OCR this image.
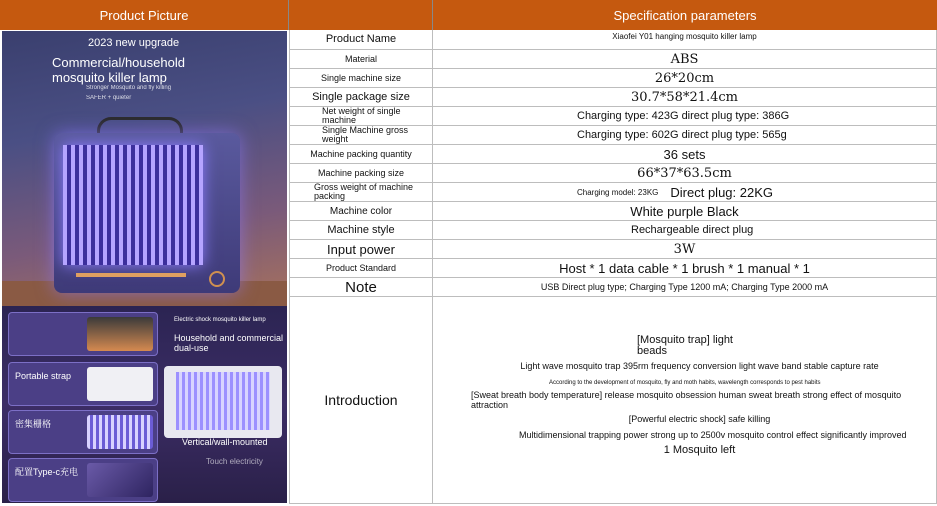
Product Picture	Specification parameters
2023 new upgrade
Commercial/household mosquito killer lamp
Stronger Mosquito and fly killing
SAFER + quieter
Electric shock mosquito killer lamp
Household and commercial dual-use
Portable strap
密集栅格
配置Type-c充电
Vertical/wall-mounted
Touch electricity
Product Name	Xiaofei Y01 hanging mosquito killer lamp
Material	ABS
Single machine size	26*20cm
Single package size	30.7*58*21.4cm
Net weight of single machine	Charging type: 423G direct plug type: 386G
Single Machine gross weight	Charging type: 602G direct plug type: 565g
Machine packing quantity	36 sets
Machine packing size	66*37*63.5cm
Gross weight of machine packing	Charging model: 23KG Direct plug: 22KG
Machine color	White purple Black
Machine style	Rechargeable direct plug
Input power	3W
Product Standard	Host * 1 data cable * 1 brush * 1 manual * 1
Note	USB Direct plug type; Charging Type 1200 mA; Charging Type 2000 mA
Introduction
[Mosquito trap] light beads
Light wave mosquito trap 395rm frequency conversion light wave band stable capture rate
According to the development of mosquito, fly and moth habits, wavelength corresponds to pest habits
[Sweat breath body temperature] release mosquito obsession human sweat breath strong effect of mosquito attraction
[Powerful electric shock] safe killing
Multidimensional trapping power strong up to 2500v mosquito control effect significantly improved
1 Mosquito left
